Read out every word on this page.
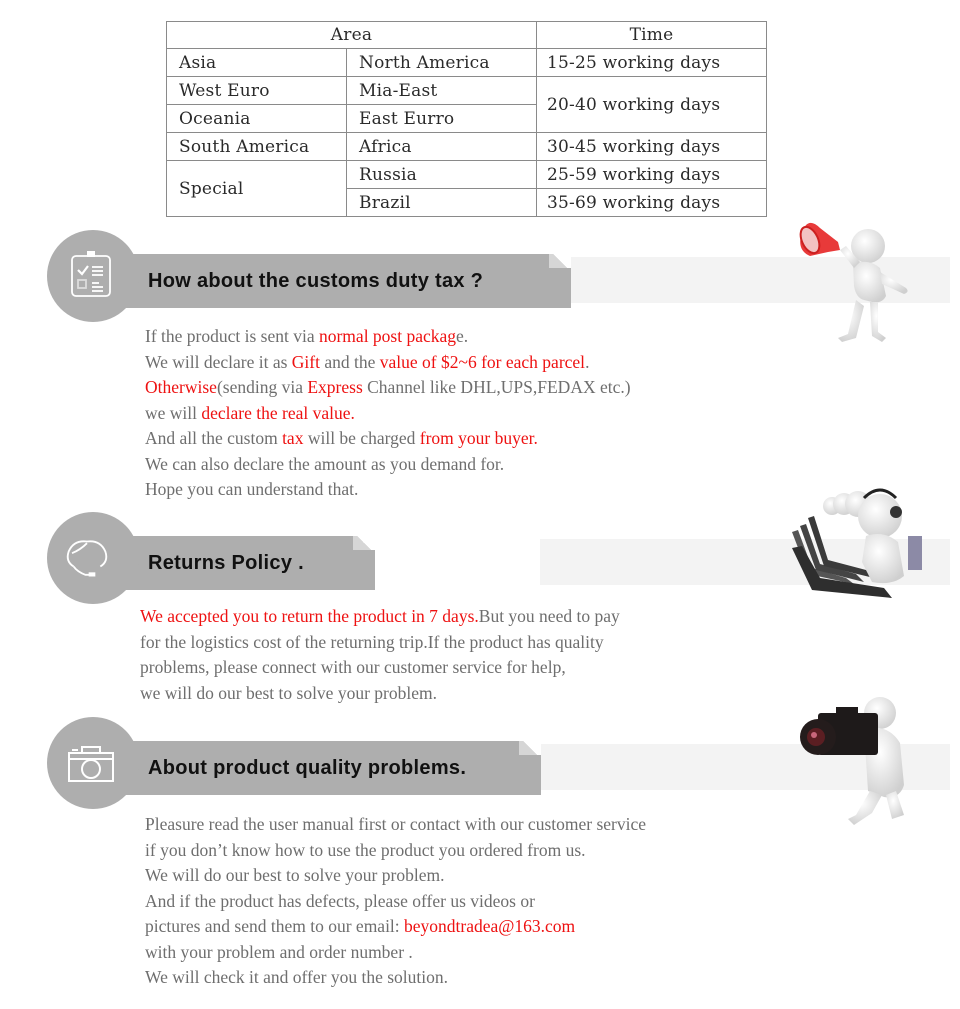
Area		Time
Asia	North America	15-25 working days
West Euro	Mia-East	20-40 working days
Oceania	East Eurro	
South America	Africa	30-45 working days
Special	Russia	25-59 working days
	Brazil	35-69 working days
How about the customs duty tax ?
If the product is sent via normal post package.
We will declare it as Gift and the value of $2~6 for each parcel.
Otherwise(sending via Express Channel like DHL,UPS,FEDAX etc.)
we will declare the real value.
And all the custom tax will be charged from your buyer.
We can also declare the amount as you demand for.
Hope you can understand that.
Returns Policy .
We accepted you to return the product in 7 days.But you need to pay
for the logistics cost of the returning trip.If the product has quality
problems, please connect with our customer service for help,
we will do our best to solve your problem.
About product quality problems.
Pleasure read the user manual first or contact with our customer service
if you don’t know how to use the product you ordered from us.
We will do our best to solve your problem.
And if the product has defects, please offer us videos or
pictures and send them to our email: beyondtradea@163.com
with your problem and order number .
We will check it and offer you the solution.
